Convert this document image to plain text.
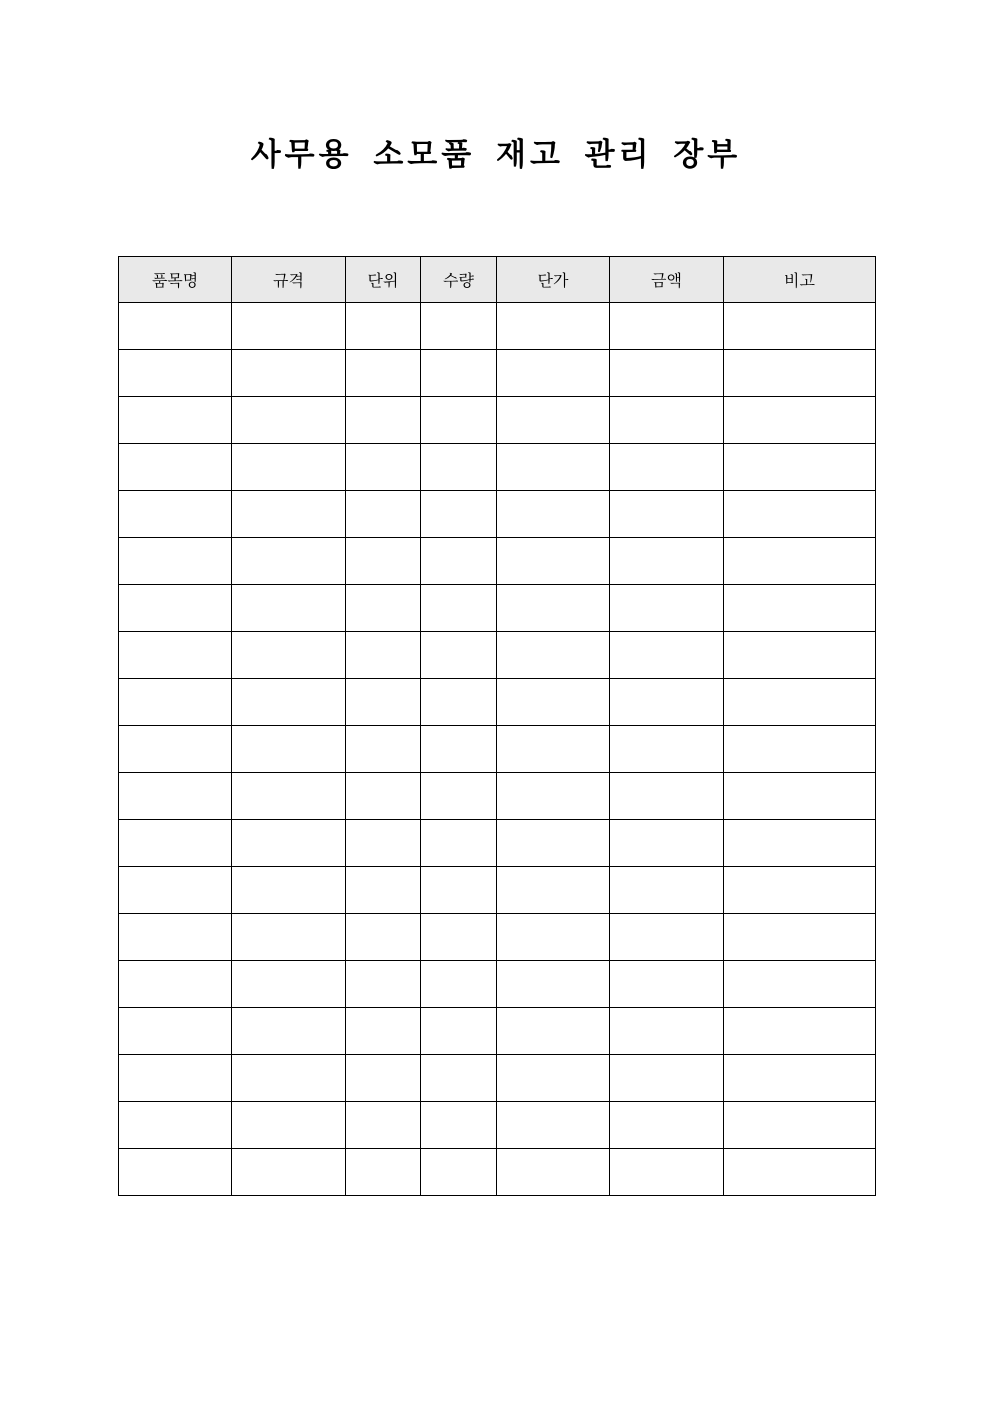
사무용 소모품 재고 관리 장부
품목명	규격	단위	수량	단가	금액	비고
